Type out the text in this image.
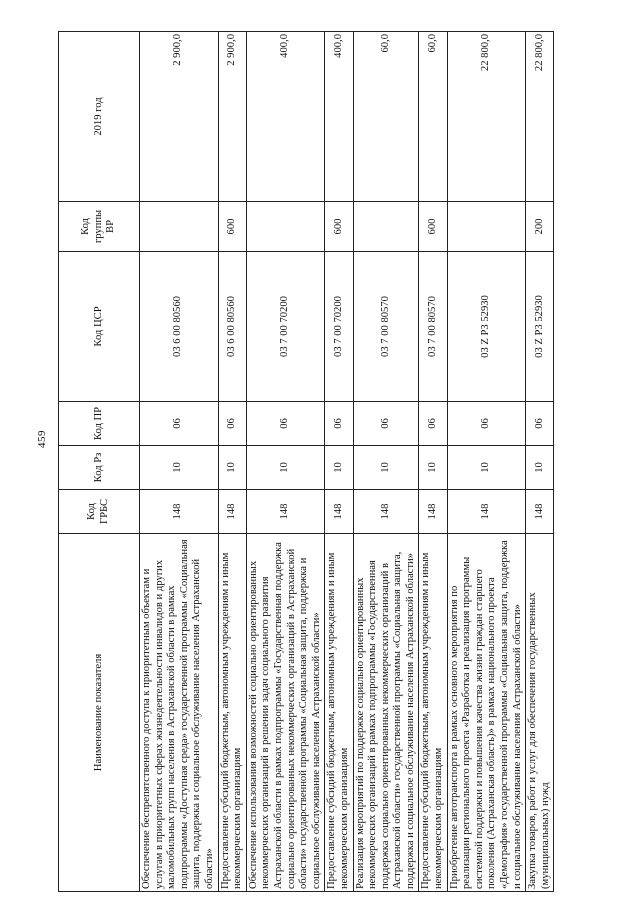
459
Наименование показателя	Код ГРБС	Код Рз	Код ПР	Код ЦСР	Код группы ВР	2019 год
Обеспечение беспрепятственного доступа к приоритетным объектам и услугам в приоритетных сферах жизнедеятельности инвалидов и других маломобильных групп населения в Астраханской области в рамках подпрограммы «Доступная среда» государственной программы «Социальная защита, поддержка и социальное обслуживание населения Астраханской области»	148	10	06	03 6 00 80560		2 900,0
Предоставление субсидий бюджетным, автономным учреждениям и иным некоммерческим организациям	148	10	06	03 6 00 80560	600	2 900,0
Обеспечение использования возможностей социально ориентированных некоммерческих организаций в решении задач социального развития Астраханской области в рамках подпрограммы «Государственная поддержка социально ориентированных некоммерческих организаций в Астраханской области» государственной программы «Социальная защита, поддержка и социальное обслуживание населения Астраханской области»	148	10	06	03 7 00 70200		400,0
Предоставление субсидий бюджетным, автономным учреждениям и иным некоммерческим организациям	148	10	06	03 7 00 70200	600	400,0
Реализация мероприятий по поддержке социально ориентированных некоммерческих организаций в рамках подпрограммы «Государственная поддержка социально ориентированных некоммерческих организаций в Астраханской области» государственной программы «Социальная защита, поддержка и социальное обслуживание населения Астраханской области»	148	10	06	03 7 00 80570		60,0
Предоставление субсидий бюджетным, автономным учреждениям и иным некоммерческим организациям	148	10	06	03 7 00 80570	600	60,0
Приобретение автотранспорта в рамках основного мероприятия по реализации регионального проекта «Разработка и реализация программы системной поддержки и повышения качества жизни граждан старшего поколения (Астраханская область)» в рамках национального проекта «Демография» государственной программы «Социальная защита, поддержка и социальное обслуживание населения Астраханской области»	148	10	06	03 Z P3 52930		22 800,0
Закупка товаров, работ и услуг для обеспечения государственных (муниципальных) нужд	148	10	06	03 Z P3 52930	200	22 800,0
